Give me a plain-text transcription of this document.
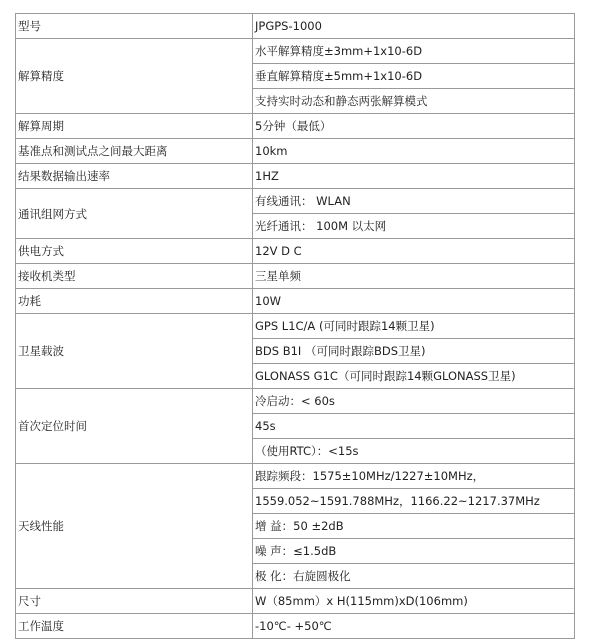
型号	JPGPS-1000
解算精度	水平解算精度±3mm+1x10-6D
	垂直解算精度±5mm+1x10-6D
	支持实时动态和静态两张解算模式
解算周期	5分钟（最低）
基准点和测试点之间最大距离	10km
结果数据输出速率	1HZ
通讯组网方式	有线通讯： WLAN
	光纤通讯： 100M 以太网
供电方式	12V D C
接收机类型	三星单频
功耗	10W
卫星载波	GPS L1C/A (可同时跟踪14颗卫星)
	BDS B1I （可同时跟踪BDS卫星)
	GLONASS G1C（可同时跟踪14颗GLONASS卫星)
首次定位时间	冷启动：< 60s
	45s
	（使用RTC）：<15s
天线性能	跟踪频段：1575±10MHz/1227±10MHz，
	1559.052~1591.788MHz，1166.22~1217.37MHz
	增 益：50 ±2dB
	噪 声：≤1.5dB
	极 化：右旋圆极化
尺寸	W（85mm）x H(115mm)xD(106mm)
工作温度	-10℃- +50℃
